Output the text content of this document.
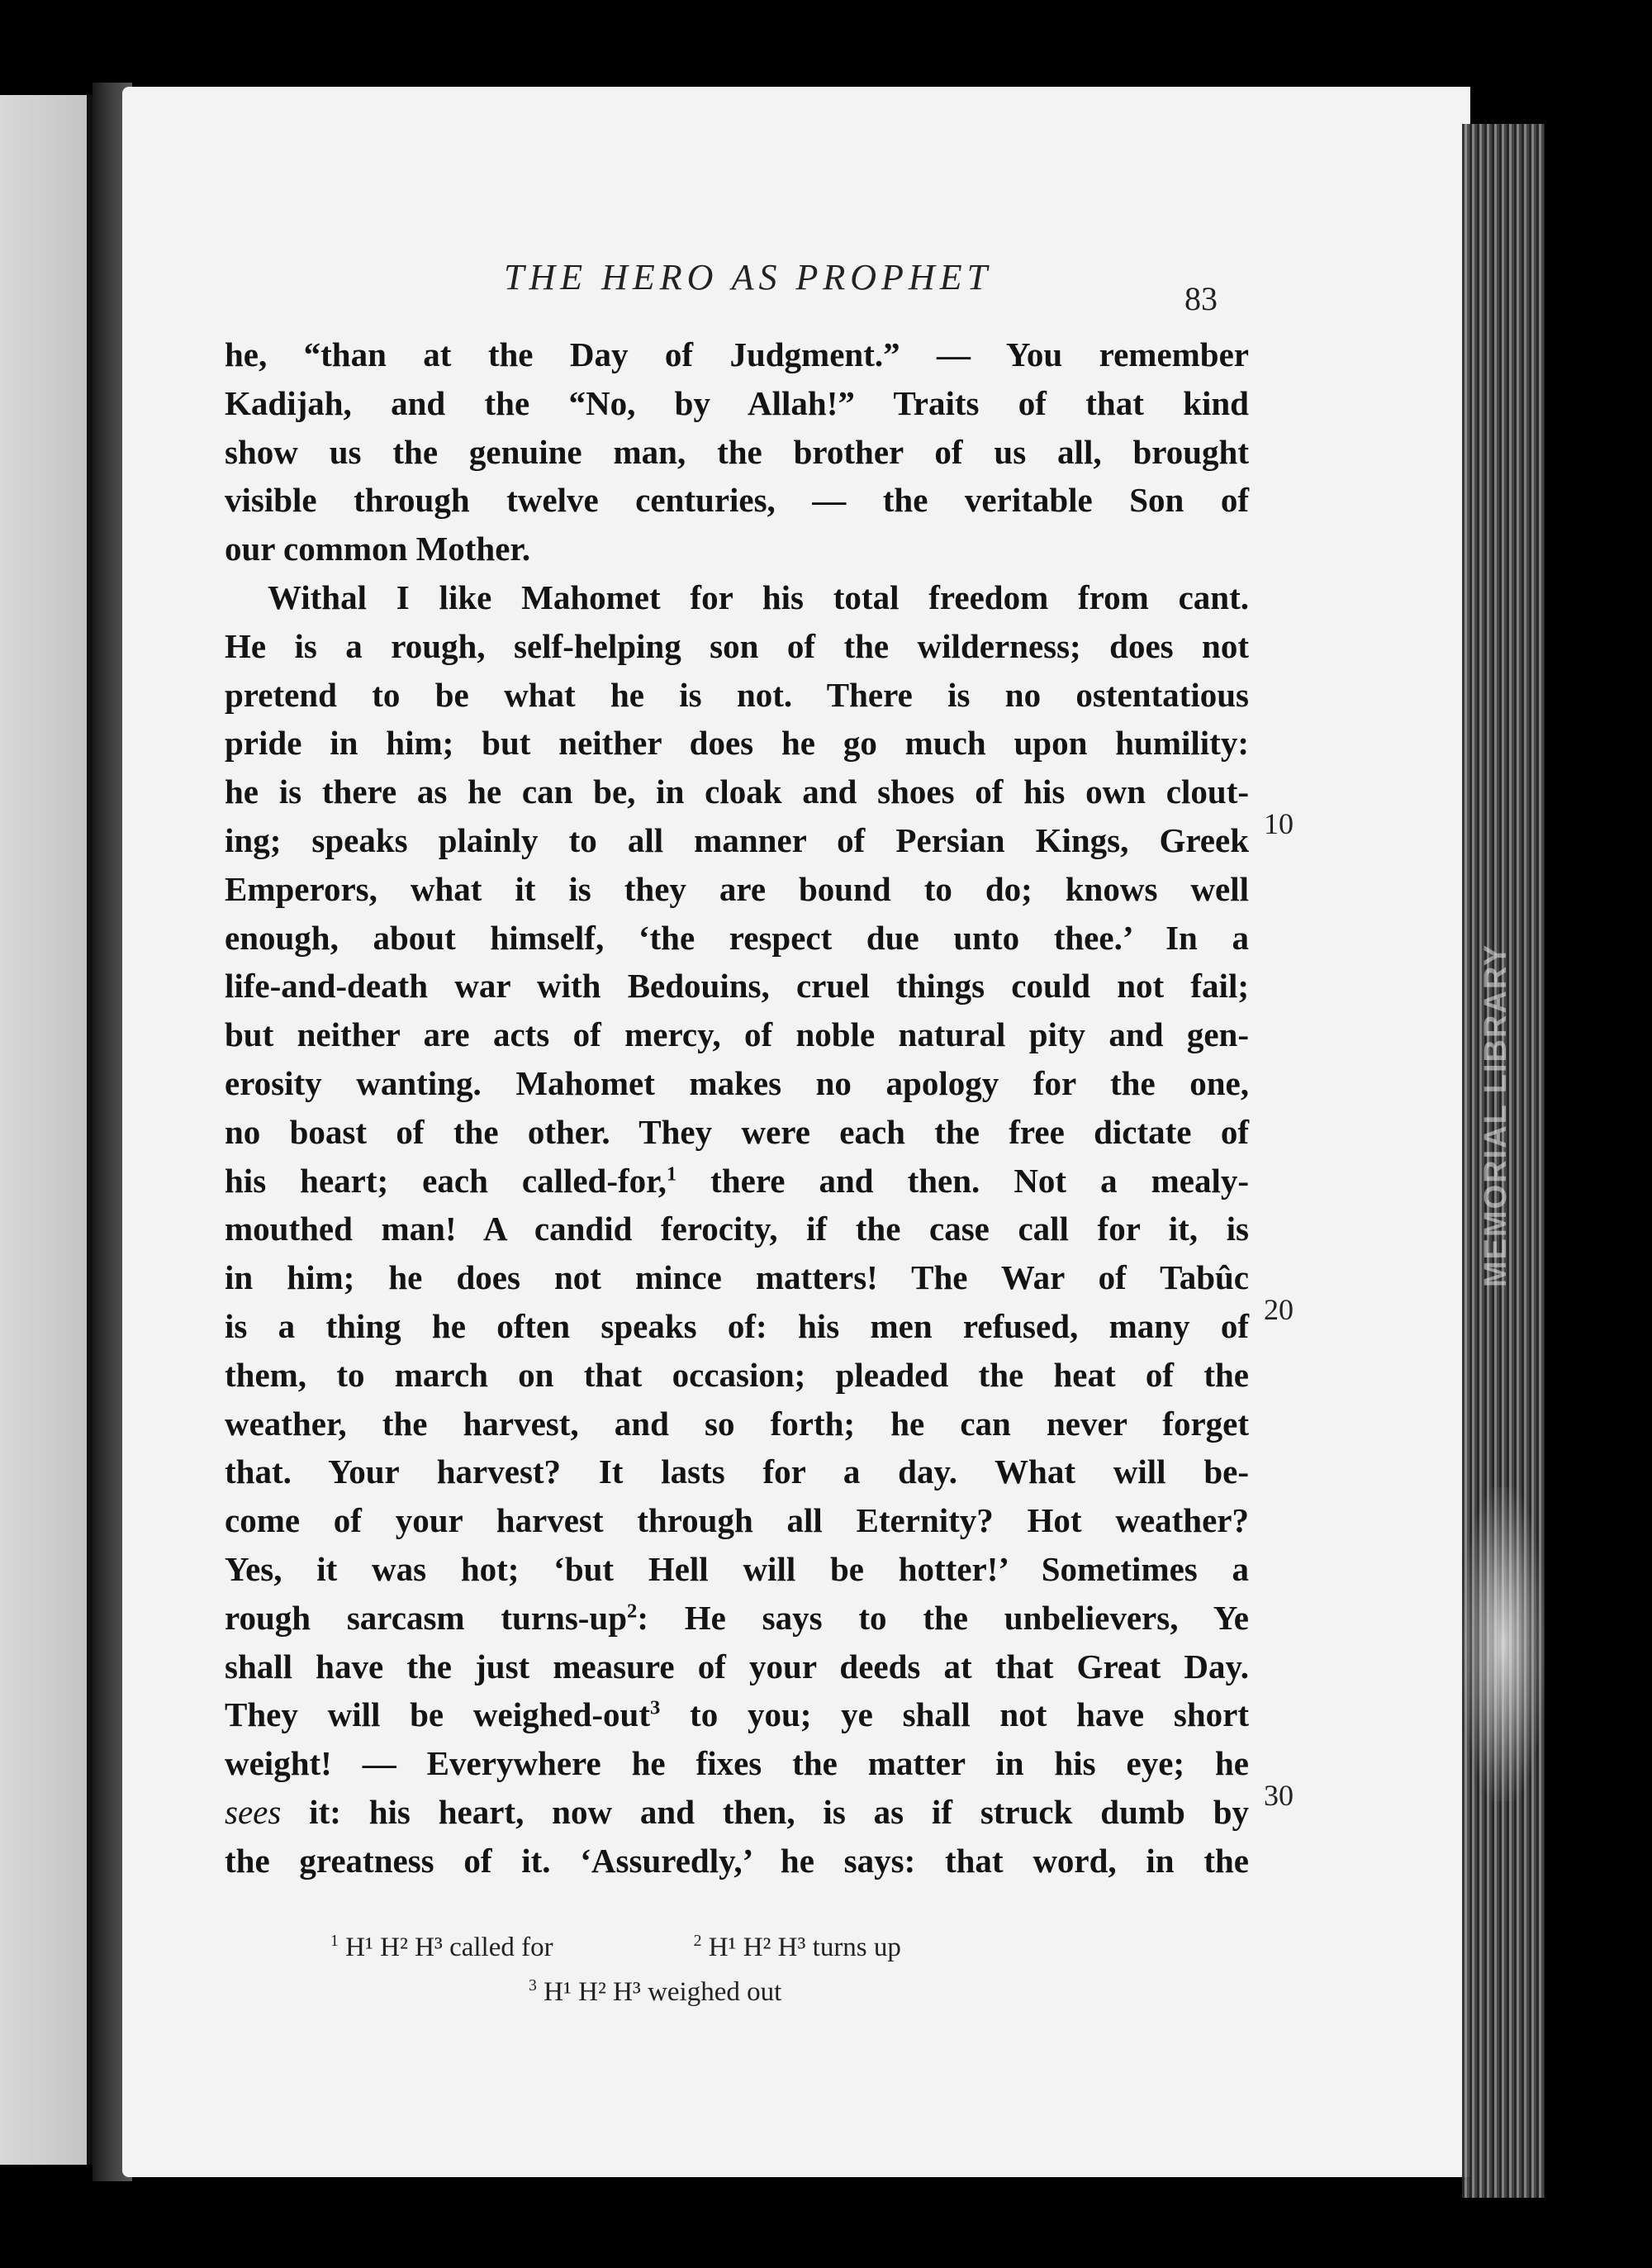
MEMORIAL LIBRARY
THE HERO AS PROPHET
83
he, “than at the Day of Judgment.” — You remember
Kadijah, and the “No, by Allah!” Traits of that kind
show us the genuine man, the brother of us all, brought
visible through twelve centuries, — the veritable Son of
our common Mother.
Withal I like Mahomet for his total freedom from cant.
He is a rough, self-helping son of the wilderness; does not
pretend to be what he is not. There is no ostentatious
pride in him; but neither does he go much upon humility:
he is there as he can be, in cloak and shoes of his own clout-
ing; speaks plainly to all manner of Persian Kings, Greek
Emperors, what it is they are bound to do; knows well
enough, about himself, ‘the respect due unto thee.’ In a
life-and-death war with Bedouins, cruel things could not fail;
but neither are acts of mercy, of noble natural pity and gen-
erosity wanting. Mahomet makes no apology for the one,
no boast of the other. They were each the free dictate of
his heart; each called-for,$^1$ there and then. Not a mealy-
mouthed man! A candid ferocity, if the case call for it, is
in him; he does not mince matters! The War of Tabûc
is a thing he often speaks of: his men refused, many of
them, to march on that occasion; pleaded the heat of the
weather, the harvest, and so forth; he can never forget
that. Your harvest? It lasts for a day. What will be-
come of your harvest through all Eternity? Hot weather?
Yes, it was hot; ‘but Hell will be hotter!’ Sometimes a
rough sarcasm turns-$up^2$: He says to the unbelievers, Ye
shall have the just measure of your deeds at that Great Day.
They will be weighed-out$^3$ to you; ye shall not have short
weight! — Everywhere he fixes the matter in his eye; he
sees it: his heart, now and then, is as if struck dumb by
the greatness of it. ‘Assuredly,’ he says: that word, in the
10
20
30
$^1$ H¹ H² H³ called for	$^2$ H¹ H² H³ turns up
$^3$ H¹ H² H³ weighed out
